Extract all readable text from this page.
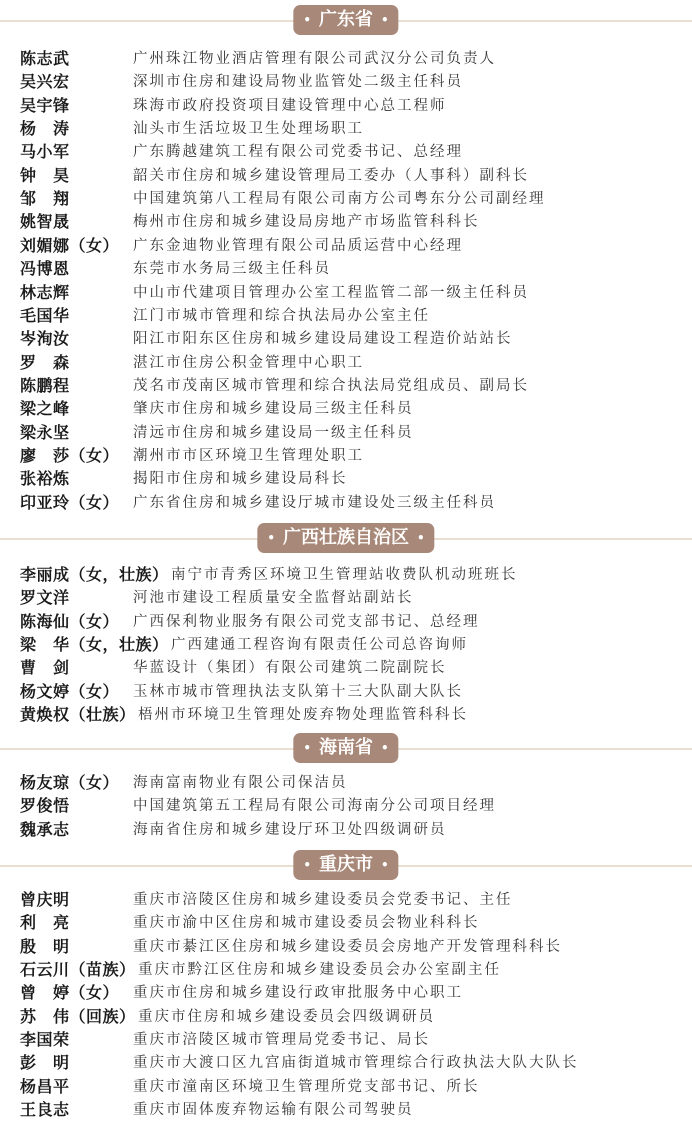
• 广东省 •
陈志武	广州珠江物业酒店管理有限公司武汉分公司负责人
吴兴宏	深圳市住房和建设局物业监管处二级主任科员
吴宇锋	珠海市政府投资项目建设管理中心总工程师
杨　涛	汕头市生活垃圾卫生处理场职工
马小军	广东腾越建筑工程有限公司党委书记、总经理
钟　昊	韶关市住房和城乡建设管理局工委办（人事科）副科长
邹　翔	中国建筑第八工程局有限公司南方公司粤东分公司副经理
姚智晟	梅州市住房和城乡建设局房地产市场监管科科长
刘媚娜 （女） 广东金迪物业管理有限公司品质运营中心经理
冯博恩	东莞市水务局三级主任科员
林志辉	中山市代建项目管理办公室工程监管二部一级主任科员
毛国华	江门市城市管理和综合执法局办公室主任
岑洵汝	阳江市阳东区住房和城乡建设局建设工程造价站站长
罗　森	湛江市住房公积金管理中心职工
陈鹏程	茂名市茂南区城市管理和综合执法局党组成员、副局长
梁之峰	肇庆市住房和城乡建设局三级主任科员
梁永坚	清远市住房和城乡建设局一级主任科员
廖　莎 （女） 潮州市市区环境卫生管理处职工
张裕炼	揭阳市住房和城乡建设局科长
印亚玲 （女） 广东省住房和城乡建设厅城市建设处三级主任科员
• 广西壮族自治区 •
李丽成 （女，壮族） 南宁市青秀区环境卫生管理站收费队机动班班长
罗文洋	河池市建设工程质量安全监督站副站长
陈海仙 （女） 广西保利物业服务有限公司党支部书记、总经理
梁　华 （女，壮族） 广西建通工程咨询有限责任公司总咨询师
曹　剑	华蓝设计（集团）有限公司建筑二院副院长
杨文婷 （女） 玉林市城市管理执法支队第十三大队副大队长
黄焕权 （壮族） 梧州市环境卫生管理处废弃物处理监管科科长
• 海南省 •
杨友琼 （女） 海南富南物业有限公司保洁员
罗俊悟	中国建筑第五工程局有限公司海南分公司项目经理
魏承志	海南省住房和城乡建设厅环卫处四级调研员
• 重庆市 •
曾庆明	重庆市涪陵区住房和城乡建设委员会党委书记、主任
利　亮	重庆市渝中区住房和城市建设委员会物业科科长
殷　明	重庆市綦江区住房和城乡建设委员会房地产开发管理科科长
石云川 （苗族） 重庆市黔江区住房和城乡建设委员会办公室副主任
曾　婷 （女） 重庆市住房和城乡建设行政审批服务中心职工
苏　伟 （回族） 重庆市住房和城乡建设委员会四级调研员
李国荣	重庆市涪陵区城市管理局党委书记、局长
彭　明	重庆市大渡口区九宫庙街道城市管理综合行政执法大队大队长
杨昌平	重庆市潼南区环境卫生管理所党支部书记、所长
王良志	重庆市固体废弃物运输有限公司驾驶员
